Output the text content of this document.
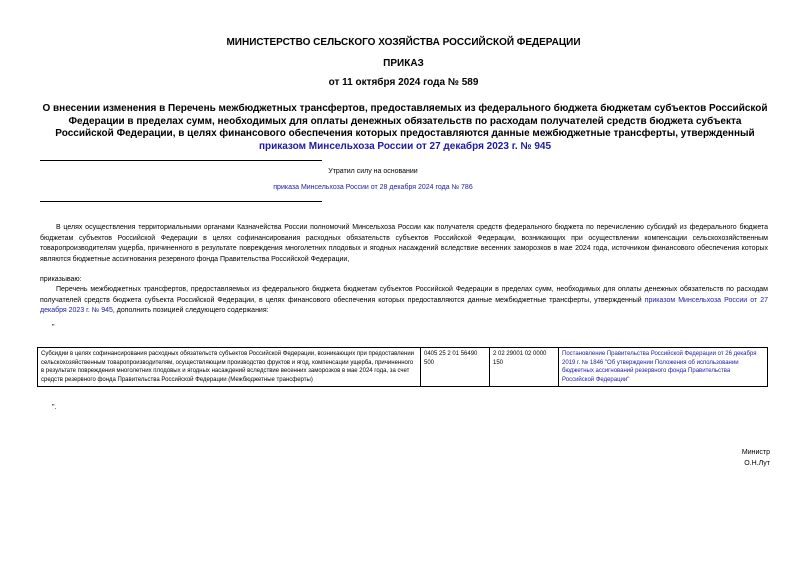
МИНИСТЕРСТВО СЕЛЬСКОГО ХОЗЯЙСТВА РОССИЙСКОЙ ФЕДЕРАЦИИ
ПРИКАЗ
от 11 октября 2024 года № 589
О внесении изменения в Перечень межбюджетных трансфертов, предоставляемых из федерального бюджета бюджетам субъектов Российской Федерации в пределах сумм, необходимых для оплаты денежных обязательств по расходам получателей средств бюджета субъекта Российской Федерации, в целях финансового обеспечения которых предоставляются данные межбюджетные трансферты, утвержденный приказом Минсельхоза России от 27 декабря 2023 г. № 945
Утратил силу на основании
приказа Минсельхоза России от 28 декабря 2024 года № 786
В целях осуществления территориальными органами Казначейства России полномочий Минсельхоза России как получателя средств федерального бюджета по перечислению субсидий из федерального бюджета бюджетам субъектов Российской Федерации в целях софинансирования расходных обязательств субъектов Российской Федерации, возникающих при осуществлении компенсации сельскохозяйственным товаропроизводителям ущерба, причиненного в результате повреждения многолетних плодовых и ягодных насаждений вследствие весенних заморозков в мае 2024 года, источником финансового обеспечения которых являются бюджетные ассигнования резервного фонда Правительства Российской Федерации,
приказываю:
Перечень межбюджетных трансфертов, предоставляемых из федерального бюджета бюджетам субъектов Российской Федерации в пределах сумм, необходимых для оплаты денежных обязательств по расходам получателей средств бюджета субъекта Российской Федерации, в целях финансового обеспечения которых предоставляются данные межбюджетные трансферты, утвержденный приказом Минсельхоза России от 27 декабря 2023 г. № 945, дополнить позицией следующего содержания:
"
Субсидии в целях софинансирования расходных обязательств субъектов Российской Федерации, возникающих при предоставлении сельскохозяйственным товаропроизводителям, осуществляющим производство фруктов и ягод, компенсации ущерба, причиненного в результате повреждения многолетних плодовых и ягодных насаждений вследствие весенних заморозков в мае 2024 года, за счет средств резервного фонда Правительства Российской Федерации (Межбюджетные трансферты)	0405 25 2 01 56490 500	2 02 29001 02 0000 150	Постановление Правительства Российской Федерации от 26 декабря 2019 г. № 1846 "Об утверждении Положения об использовании бюджетных ассигнований резервного фонда Правительства Российской Федерации"
".
Министр
О.Н.Лут
